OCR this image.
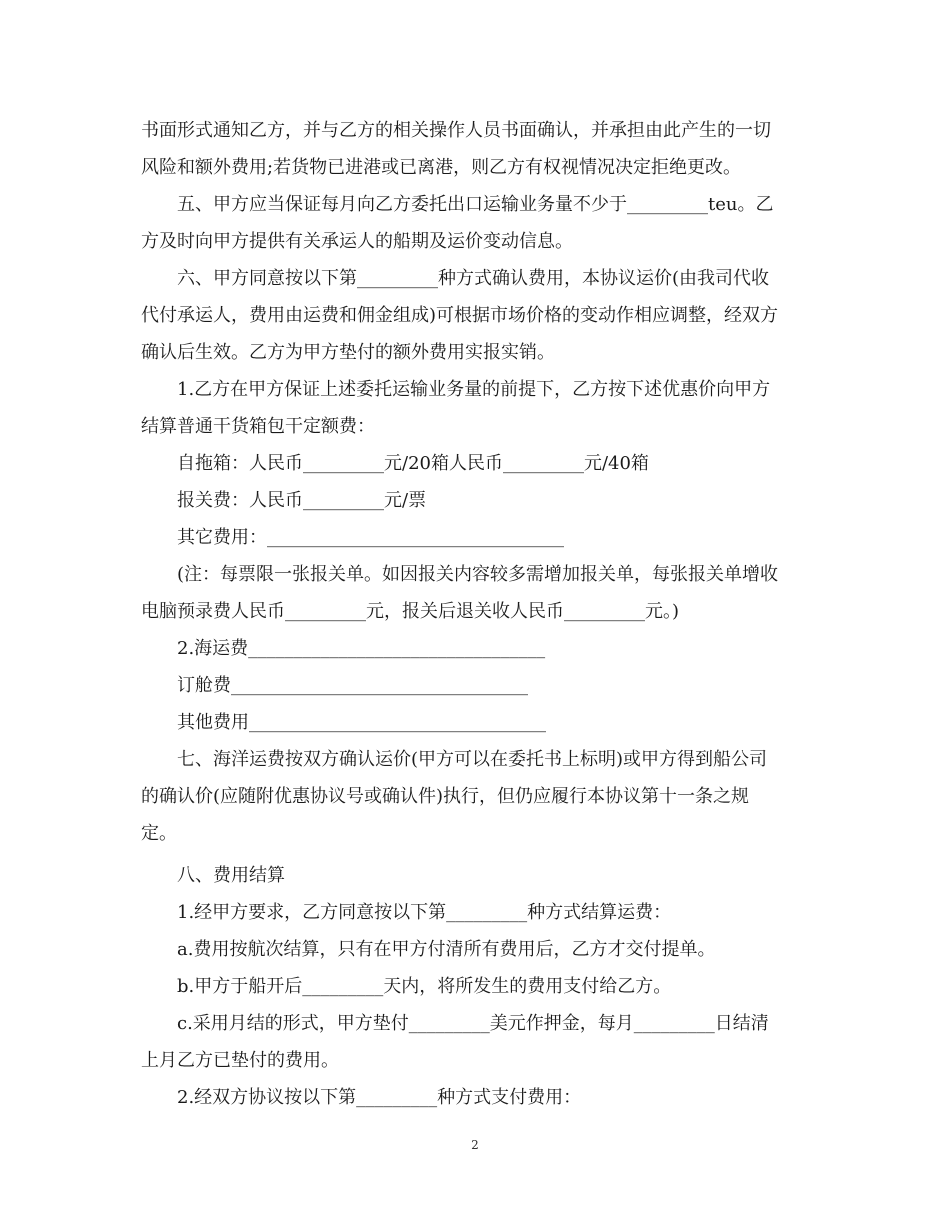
书面形式通知乙方，并与乙方的相关操作人员书面确认，并承担由此产生的一切

风险和额外费用;若货物已进港或已离港，则乙方有权视情况决定拒绝更改。

五、甲方应当保证每月向乙方委托出口运输业务量不少于_________teu。乙

方及时向甲方提供有关承运人的船期及运价变动信息。

六、甲方同意按以下第_________种方式确认费用，本协议运价(由我司代收

代付承运人，费用由运费和佣金组成)可根据市场价格的变动作相应调整，经双方

确认后生效。乙方为甲方垫付的额外费用实报实销。

1.乙方在甲方保证上述委托运输业务量的前提下，乙方按下述优惠价向甲方

结算普通干货箱包干定额费：

自拖箱：人民币_________元/20箱人民币_________元/40箱

报关费：人民币_________元/票

其它费用：_________________________________

(注：每票限一张报关单。如因报关内容较多需增加报关单，每张报关单增收

电脑预录费人民币_________元，报关后退关收人民币_________元。)

2.海运费_________________________________

订舱费_________________________________

其他费用_________________________________

七、海洋运费按双方确认运价(甲方可以在委托书上标明)或甲方得到船公司

的确认价(应随附优惠协议号或确认件)执行，但仍应履行本协议第十一条之规

定。

八、费用结算

1.经甲方要求，乙方同意按以下第_________种方式结算运费：

a.费用按航次结算，只有在甲方付清所有费用后，乙方才交付提单。

b.甲方于船开后_________天内，将所发生的费用支付给乙方。

c.采用月结的形式，甲方垫付_________美元作押金，每月_________日结清

上月乙方已垫付的费用。

2.经双方协议按以下第_________种方式支付费用：

2
